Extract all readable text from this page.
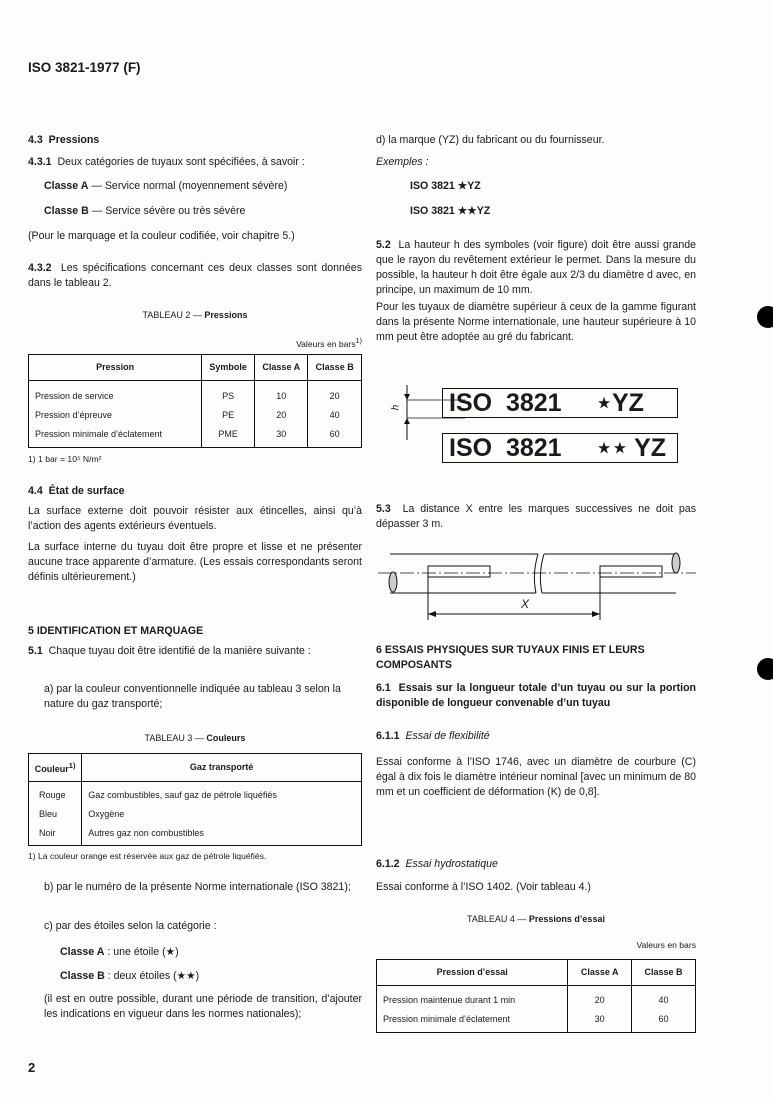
ISO 3821-1977 (F)
4.3 Pressions
4.3.1 Deux catégories de tuyaux sont spécifiées, à savoir :
Classe A — Service normal (moyennement sévère)
Classe B — Service sévère ou très sévère
(Pour le marquage et la couleur codifiée, voir chapitre 5.)
4.3.2 Les spécifications concernant ces deux classes sont données dans le tableau 2.
TABLEAU 2 — Pressions
Valeurs en bars$^{1)}$
Pression	Symbole	Classe A	Classe B
Pression de service	PS	10	20
Pression d’épreuve	PE	20	40
Pression minimale d’éclatement	PME	30	60
1) 1 bar = 10⁵ N/m²
4.4 État de surface
La surface externe doit pouvoir résister aux étincelles, ainsi qu’à l’action des agents extérieurs éventuels.
La surface interne du tuyau doit être propre et lisse et ne présenter aucune trace apparente d’armature. (Les essais correspondants seront définis ultérieurement.)
5 IDENTIFICATION ET MARQUAGE
5.1 Chaque tuyau doit être identifié de la manière suivante :
a) par la couleur conventionnelle indiquée au tableau 3 selon la nature du gaz transporté;
TABLEAU 3 — Couleurs
Couleur$^{1)}$	Gaz transporté
Rouge	Gaz combustibles, sauf gaz de pétrole liquéfiés
Bleu	Oxygène
Noir	Autres gaz non combustibles
1) La couleur orange est réservée aux gaz de pétrole liquéfiés.
b) par le numéro de la présente Norme internationale (ISO 3821);
c) par des étoiles selon la catégorie :
Classe A : une étoile (★)
Classe B : deux étoiles (★★)
(il est en outre possible, durant une période de transition, d’ajouter les indications en vigueur dans les normes nationales);
2
d) la marque (YZ) du fabricant ou du fournisseur.
Exemples :
ISO 3821 ★YZ
ISO 3821 ★★YZ
5.2 La hauteur h des symboles (voir figure) doit être aussi grande que le rayon du revêtement extérieur le permet. Dans la mesure du possible, la hauteur h doit être égale aux 2/3 du diamètre d avec, en principe, un maximum de 10 mm.
Pour les tuyaux de diamètre supérieur à ceux de la gamme figurant dans la présente Norme internationale, une hauteur supérieure à 10 mm peut être adoptée au gré du fabricant.
h ISO  3821     ⋆YZ
ISO  3821     ⋆⋆ YZ
5.3 La distance X entre les marques successives ne doit pas dépasser 3 m.
X
6 ESSAIS PHYSIQUES SUR TUYAUX FINIS ET LEURS COMPOSANTS
6.1 Essais sur la longueur totale d’un tuyau ou sur la portion disponible de longueur convenable d’un tuyau
6.1.1 Essai de flexibilité
Essai conforme à l’ISO 1746, avec un diamètre de courbure (C) égal à dix fois le diamètre intérieur nominal [avec un minimum de 80 mm et un coefficient de déformation (K) de 0,8].
6.1.2 Essai hydrostatique
Essai conforme à l’ISO 1402. (Voir tableau 4.)
TABLEAU 4 — Pressions d’essai
Valeurs en bars
Pression d’essai	Classe A	Classe B
Pression maintenue durant 1 min	20	40
Pression minimale d’éclatement	30	60
